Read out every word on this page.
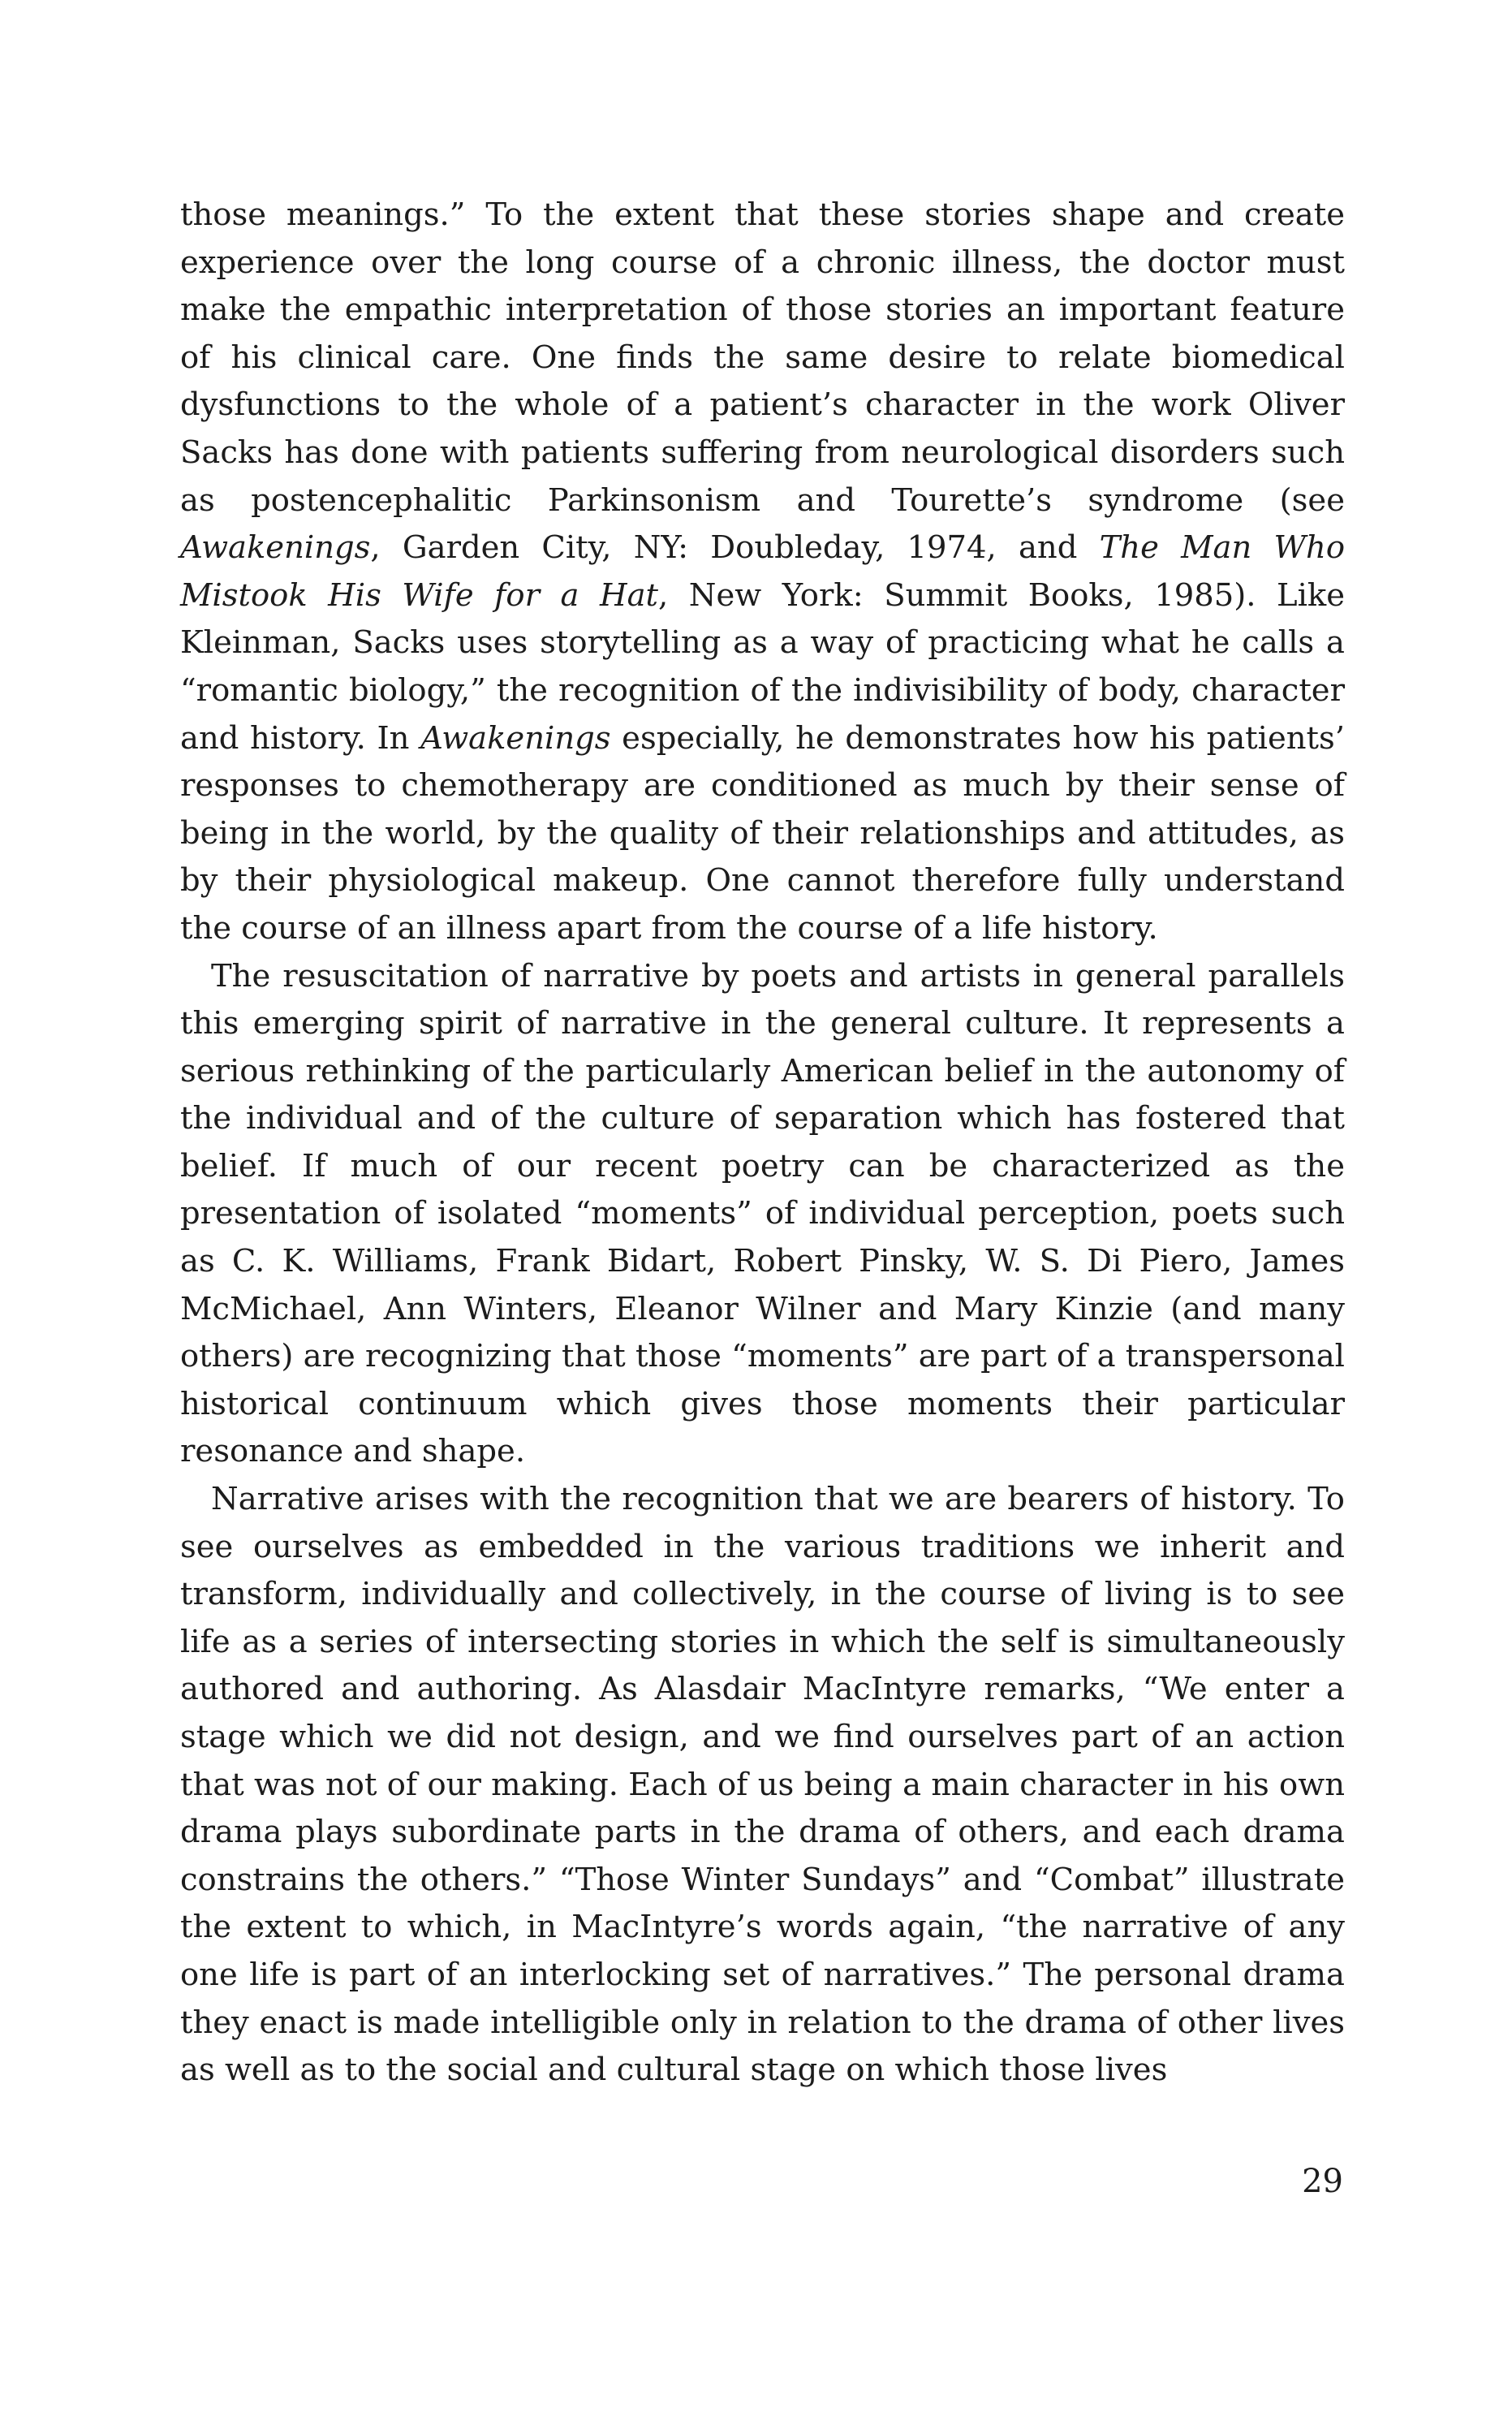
those meanings.” To the extent that these stories shape and create experience over the long course of a chronic illness, the doctor must make the empathic interpretation of those stories an important feature of his clinical care. One finds the same desire to relate biomedical dysfunctions to the whole of a patient’s character in the work Oliver Sacks has done with patients suffering from neurological disorders such as postencephalitic Parkinsonism and Tourette’s syndrome (see Awakenings, Garden City, NY: Doubleday, 1974, and The Man Who Mistook His Wife for a Hat, New York: Summit Books, 1985). Like Kleinman, Sacks uses storytelling as a way of practicing what he calls a “romantic biology,” the recognition of the indivisibility of body, character and history. In Awakenings especially, he demonstrates how his patients’ responses to chemotherapy are conditioned as much by their sense of being in the world, by the quality of their relationships and attitudes, as by their physiological makeup. One cannot therefore fully understand the course of an illness apart from the course of a life history.

The resuscitation of narrative by poets and artists in general parallels this emerging spirit of narrative in the general culture. It represents a serious rethinking of the particularly American belief in the autonomy of the individual and of the culture of separation which has fostered that belief. If much of our recent poetry can be characterized as the presentation of isolated “moments” of individual perception, poets such as C. K. Williams, Frank Bidart, Robert Pinsky, W. S. Di Piero, James McMichael, Ann Winters, Eleanor Wilner and Mary Kinzie (and many others) are recognizing that those “moments” are part of a transpersonal historical continuum which gives those moments their particular resonance and shape.

Narrative arises with the recognition that we are bearers of history. To see ourselves as embedded in the various traditions we inherit and transform, individually and collectively, in the course of living is to see life as a series of intersecting stories in which the self is simultaneously authored and authoring. As Alasdair MacIntyre remarks, “We enter a stage which we did not design, and we find ourselves part of an action that was not of our making. Each of us being a main character in his own drama plays subordinate parts in the drama of others, and each drama constrains the others.” “Those Winter Sundays” and “Combat” illustrate the extent to which, in MacIntyre’s words again, “the narrative of any one life is part of an interlocking set of narratives.” The personal drama they enact is made intelligible only in relation to the drama of other lives as well as to the social and cultural stage on which those lives

29
